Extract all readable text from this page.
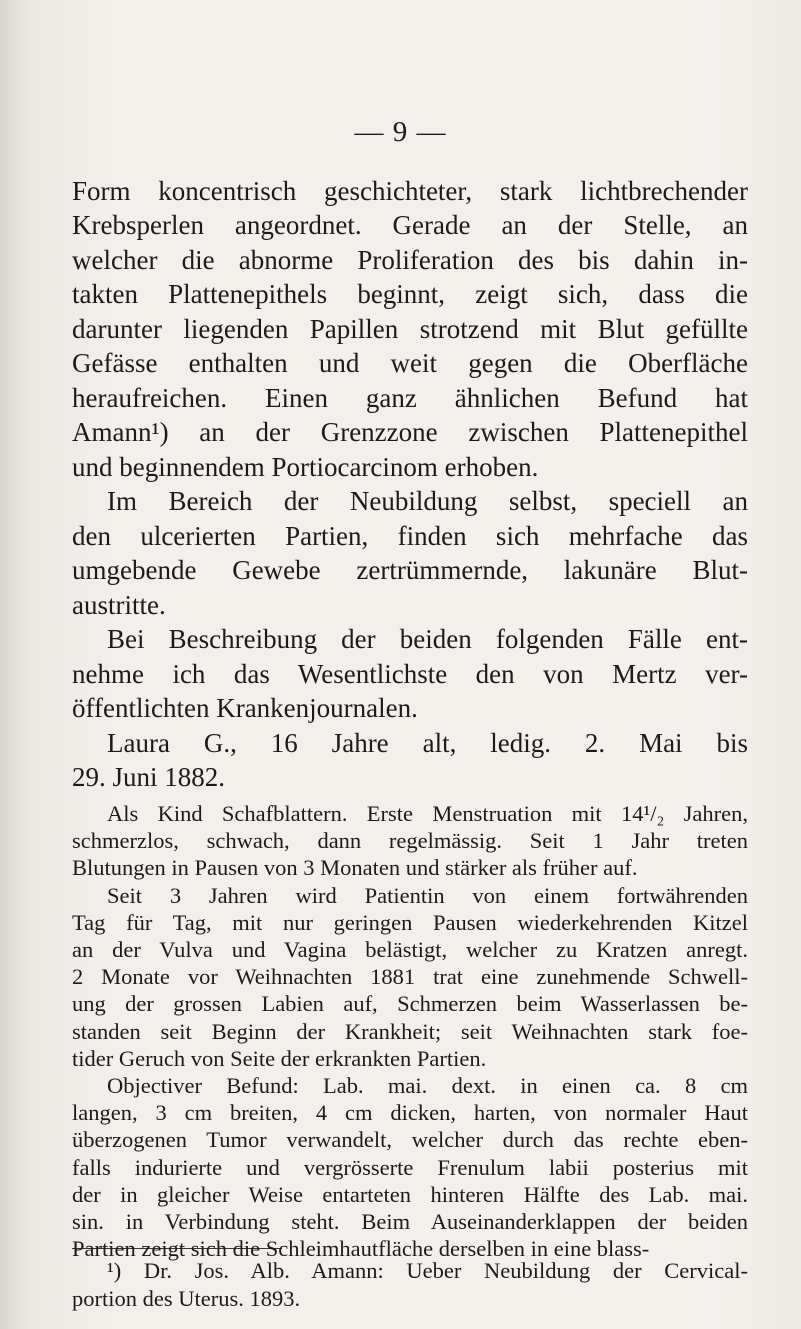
— 9 —
Form koncentrisch geschichteter, stark lichtbrechender
Krebsperlen angeordnet. Gerade an der Stelle, an
welcher die abnorme Proliferation des bis dahin in-
takten Plattenepithels beginnt, zeigt sich, dass die
darunter liegenden Papillen strotzend mit Blut gefüllte
Gefässe enthalten und weit gegen die Oberfläche
heraufreichen. Einen ganz ähnlichen Befund hat
Amann¹) an der Grenzzone zwischen Plattenepithel
und beginnendem Portiocarcinom erhoben.
Im Bereich der Neubildung selbst, speciell an
den ulcerierten Partien, finden sich mehrfache das
umgebende Gewebe zertrümmernde, lakunäre Blut-
austritte.
Bei Beschreibung der beiden folgenden Fälle ent-
nehme ich das Wesentlichste den von Mertz ver-
öffentlichten Krankenjournalen.
Laura G., 16 Jahre alt, ledig. 2. Mai bis
29. Juni 1882.
Als Kind Schafblattern. Erste Menstruation mit 14¹/₂ Jahren,
schmerzlos, schwach, dann regelmässig. Seit 1 Jahr treten
Blutungen in Pausen von 3 Monaten und stärker als früher auf.
Seit 3 Jahren wird Patientin von einem fortwährenden
Tag für Tag, mit nur geringen Pausen wiederkehrenden Kitzel
an der Vulva und Vagina belästigt, welcher zu Kratzen anregt.
2 Monate vor Weihnachten 1881 trat eine zunehmende Schwell-
ung der grossen Labien auf, Schmerzen beim Wasserlassen be-
standen seit Beginn der Krankheit; seit Weihnachten stark foe-
tider Geruch von Seite der erkrankten Partien.
Objectiver Befund: Lab. mai. dext. in einen ca. 8 cm
langen, 3 cm breiten, 4 cm dicken, harten, von normaler Haut
überzogenen Tumor verwandelt, welcher durch das rechte eben-
falls indurierte und vergrösserte Frenulum labii posterius mit
der in gleicher Weise entarteten hinteren Hälfte des Lab. mai.
sin. in Verbindung steht. Beim Auseinanderklappen der beiden
Partien zeigt sich die Schleimhautfläche derselben in eine blass-
¹) Dr. Jos. Alb. Amann: Ueber Neubildung der Cervical-
portion des Uterus. 1893.
